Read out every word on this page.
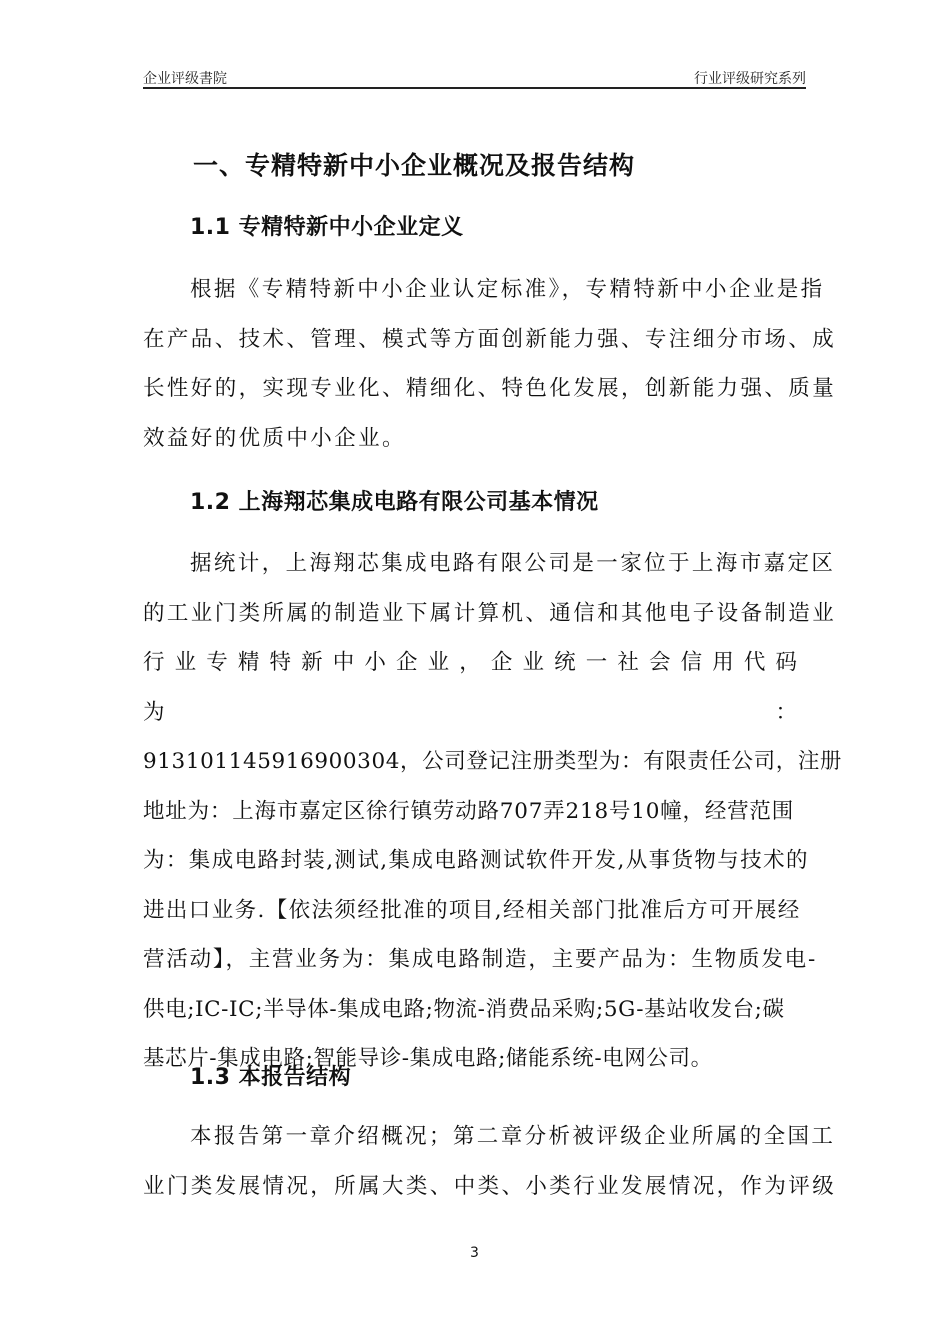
企业评级書院	行业评级研究系列
一、专精特新中小企业概况及报告结构
1.1 专精特新中小企业定义
根据《专精特新中小企业认定标准》，专精特新中小企业是指
在产品、技术、管理、模式等方面创新能力强、专注细分市场、成
长性好的，实现专业化、精细化、特色化发展，创新能力强、质量
效益好的优质中小企业。
1.2 上海翔芯集成电路有限公司基本情况
据统计，上海翔芯集成电路有限公司是一家位于上海市嘉定区
的工业门类所属的制造业下属计算机、通信和其他电子设备制造业
行业专精特新中小企业，企业统一社会信用代码为：
913101145916900304，公司登记注册类型为：有限责任公司，注册
地址为：上海市嘉定区徐行镇劳动路707弄218号10幢，经营范围
为：集成电路封装,测试,集成电路测试软件开发,从事货物与技术的
进出口业务.【依法须经批准的项目,经相关部门批准后方可开展经
营活动】，主营业务为：集成电路制造，主要产品为：生物质发电-
供电;IC-IC;半导体-集成电路;物流-消费品采购;5G-基站收发台;碳
基芯片-集成电路;智能导诊-集成电路;储能系统-电网公司。
1.3 本报告结构
本报告第一章介绍概况；第二章分析被评级企业所属的全国工
业门类发展情况，所属大类、中类、小类行业发展情况，作为评级
3
